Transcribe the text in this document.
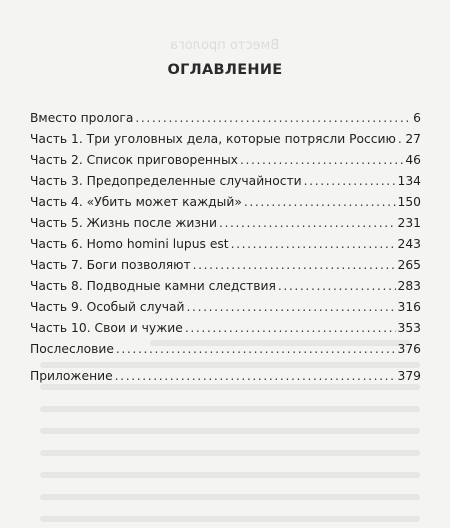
Вместо пролога
ОГЛАВЛЕНИЕ
Вместо пролога .....	6
Часть 1. Три уголовных дела, которые потрясли Россию ..... 27
Часть 2. Список приговоренных .....	46
Часть 3. Предопределенные случайности .....	134
Часть 4. «Убить может каждый» .....	150
Часть 5. Жизнь после жизни .....	231
Часть 6. Homo homini lupus est .....	243
Часть 7. Боги позволяют .....	265
Часть 8. Подводные камни следствия .....	283
Часть 9. Особый случай .....	316
Часть 10. Свои и чужие .....	353
Послесловие .....	376
Приложение .....	379
